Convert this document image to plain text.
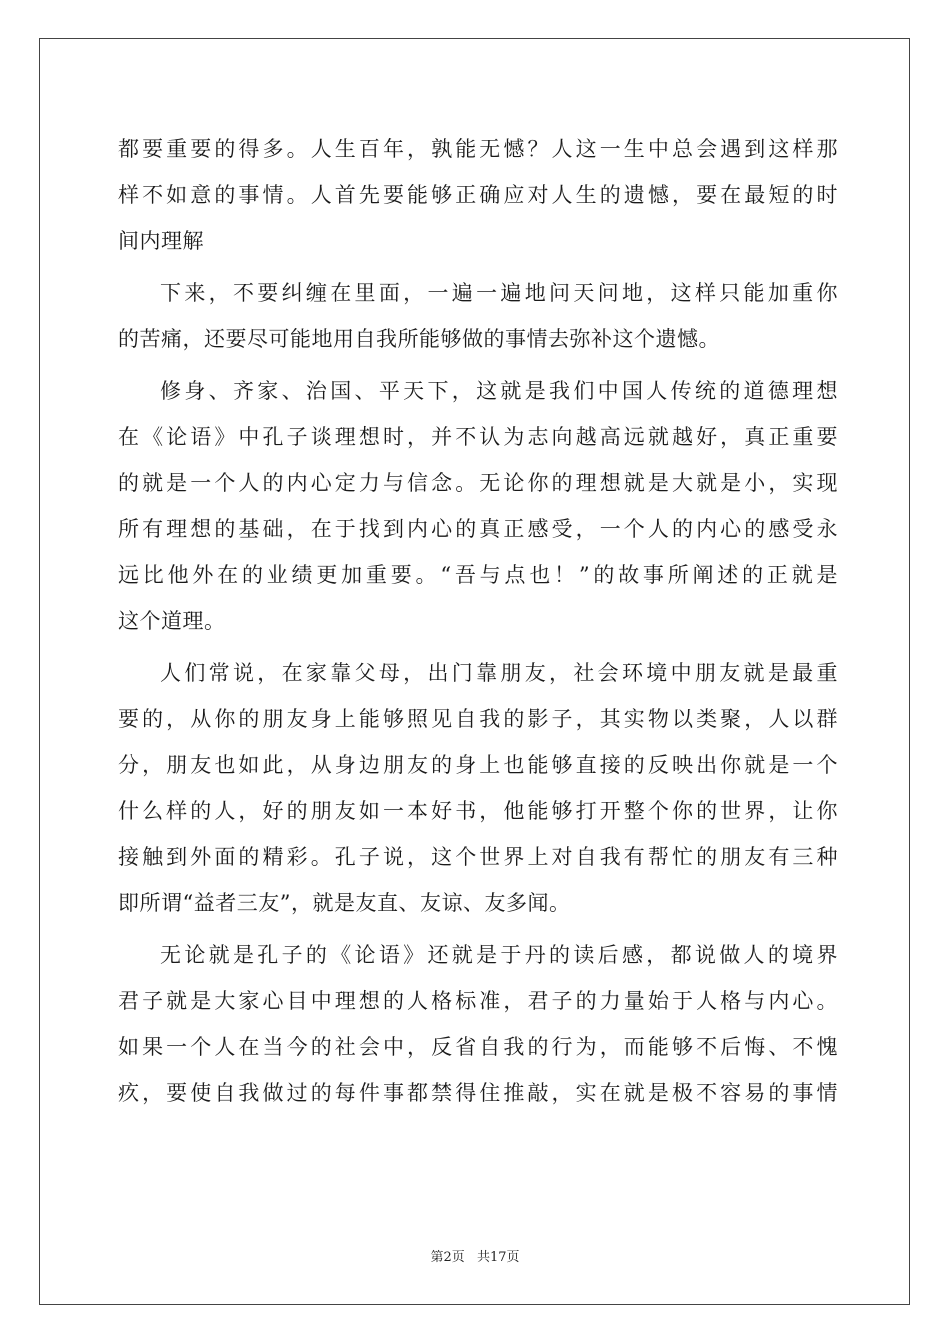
都要重要的得多。人生百年，孰能无憾？人这一生中总会遇到这样那
样不如意的事情。人首先要能够正确应对人生的遗憾，要在最短的时
间内理解
下来，不要纠缠在里面，一遍一遍地问天问地，这样只能加重你
的苦痛，还要尽可能地用自我所能够做的事情去弥补这个遗憾。
修身、齐家、治国、平天下，这就是我们中国人传统的道德理想
在《论语》中孔子谈理想时，并不认为志向越高远就越好，真正重要
的就是一个人的内心定力与信念。无论你的理想就是大就是小，实现
所有理想的基础，在于找到内心的真正感受，一个人的内心的感受永
远比他外在的业绩更加重要。“吾与点也！”的故事所阐述的正就是
这个道理。
人们常说，在家靠父母，出门靠朋友，社会环境中朋友就是最重
要的，从你的朋友身上能够照见自我的影子，其实物以类聚，人以群
分，朋友也如此，从身边朋友的身上也能够直接的反映出你就是一个
什么样的人，好的朋友如一本好书，他能够打开整个你的世界，让你
接触到外面的精彩。孔子说，这个世界上对自我有帮忙的朋友有三种
即所谓“益者三友”，就是友直、友谅、友多闻。
无论就是孔子的《论语》还就是于丹的读后感，都说做人的境界
君子就是大家心目中理想的人格标准，君子的力量始于人格与内心。
如果一个人在当今的社会中，反省自我的行为，而能够不后悔、不愧
疚，要使自我做过的每件事都禁得住推敲，实在就是极不容易的事情
第2页 共17页
